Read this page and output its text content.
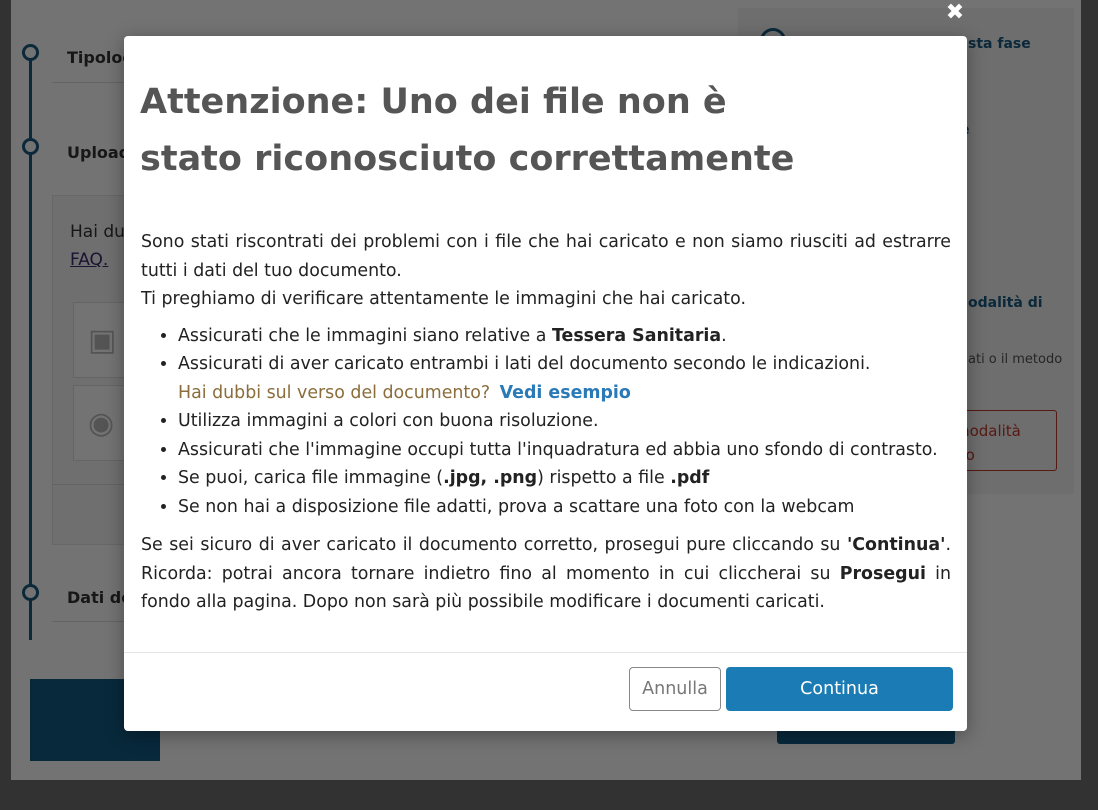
✖
Attenzione: Uno dei file non è stato riconosciuto correttamente

Sono stati riscontrati dei problemi con i file che hai caricato e non siamo riusciti ad estrarre tutti i dati del tuo documento.

Ti preghiamo di verificare attentamente le immagini che hai caricato.

• Assicurati che le immagini siano relative a Tessera Sanitaria.
• Assicurati di aver caricato entrambi i lati del documento secondo le indicazioni.
Hai dubbi sul verso del documento? Vedi esempio
• Utilizza immagini a colori con buona risoluzione.
• Assicurati che l'immagine occupi tutta l'inquadratura ed abbia uno sfondo di contrasto.
• Se puoi, carica file immagine (.jpg, .png) rispetto a file .pdf
• Se non hai a disposizione file adatti, prova a scattare una foto con la webcam

Se sei sicuro di aver caricato il documento corretto, prosegui pure cliccando su 'Continua'. Ricorda: potrai ancora tornare indietro fino al momento in cui cliccherai su Prosegui in fondo alla pagina. Dopo non sarà più possibile modificare i documenti caricati.

Annulla	Continua
